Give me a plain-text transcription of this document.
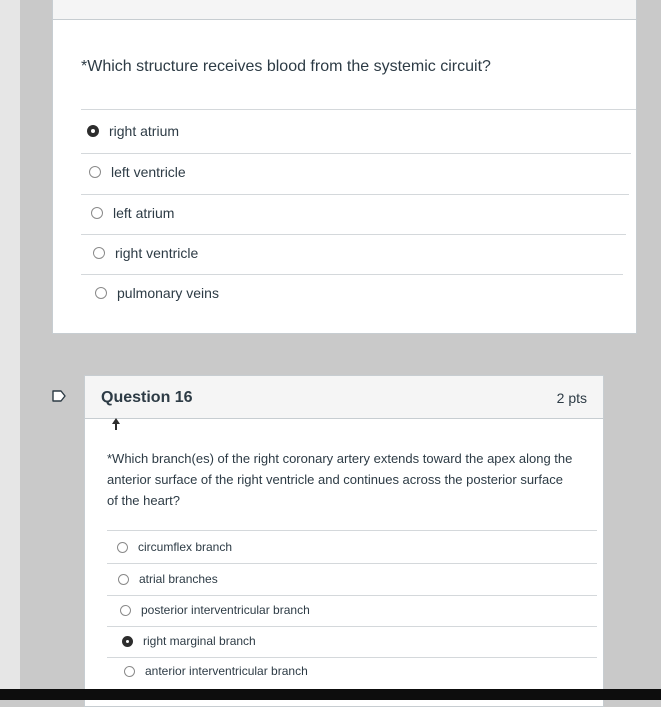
*Which structure receives blood from the systemic circuit?
right atrium
left ventricle
left atrium
right ventricle
pulmonary veins
Question 16	2 pts
*Which branch(es) of the right coronary artery extends toward the apex along the anterior surface of the right ventricle and continues across the posterior surface of the heart?
circumflex branch
atrial branches
posterior interventricular branch
right marginal branch
anterior interventricular branch
